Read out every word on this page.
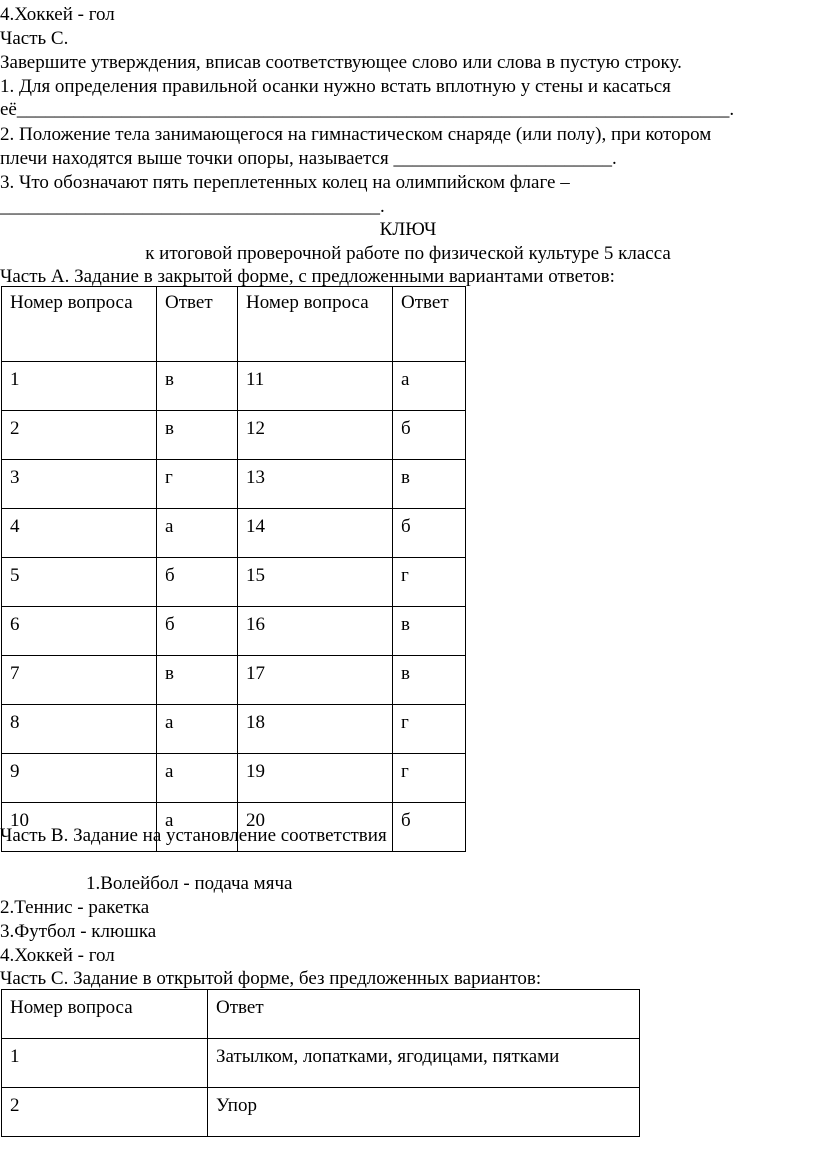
4.Хоккей - гол
Часть С.
Завершите утверждения, вписав соответствующее слово или слова в пустую строку.
1. Для определения правильной осанки нужно встать вплотную у стены и касаться
её___________________________________________________________________________.
2. Положение тела занимающегося на гимнастическом снаряде (или полу), при котором
плечи находятся выше точки опоры, называется _______________________.
3. Что обозначают пять переплетенных колец на олимпийском флаге –
________________________________________.
КЛЮЧ
к итоговой проверочной работе по физической культуре 5 класса
Часть А. Задание в закрытой форме, с предложенными вариантами ответов:
Номер вопроса	Ответ	Номер вопроса	Ответ
1	в	11	а
2	в	12	б
3	г	13	в
4	а	14	б
5	б	15	г
6	б	16	в
7	в	17	в
8	а	18	г
9	а	19	г
10	а	20	б
Часть В. Задание на установление соответствия
1.Волейбол - подача мяча
2.Теннис - ракетка
3.Футбол - клюшка
4.Хоккей - гол
Часть С. Задание в открытой форме, без предложенных вариантов:
Номер вопроса	Ответ
1	Затылком, лопатками, ягодицами, пятками
2	Упор
